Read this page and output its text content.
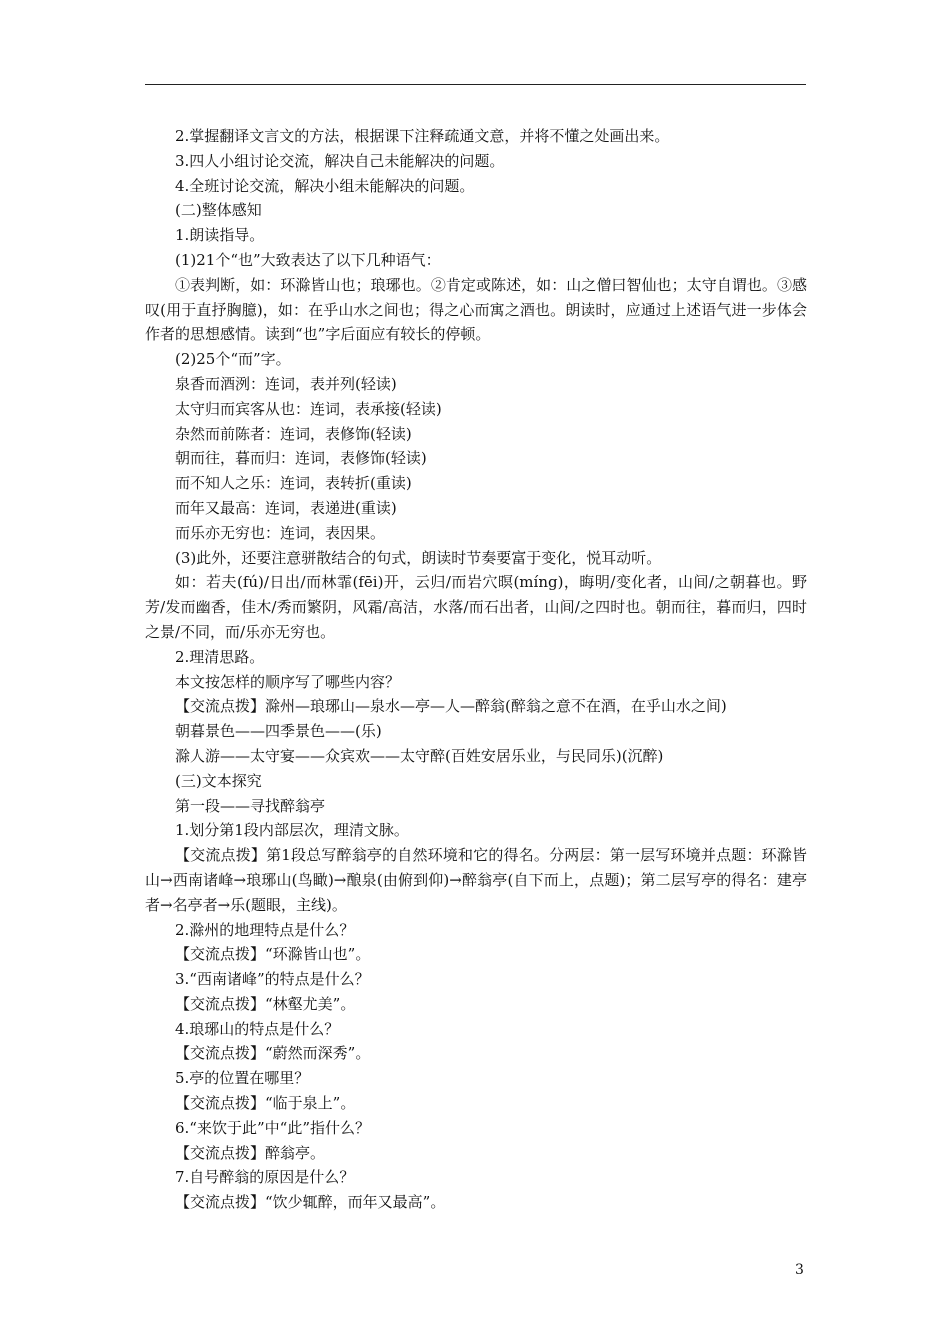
2.掌握翻译文言文的方法，根据课下注释疏通文意，并将不懂之处画出来。

3.四人小组讨论交流，解决自己未能解决的问题。

4.全班讨论交流，解决小组未能解决的问题。

(二)整体感知

1.朗读指导。

(1)21个“也”大致表达了以下几种语气：

①表判断，如：环滁皆山也；琅琊也。②肯定或陈述，如：山之僧曰智仙也；太守自谓也。③感叹(用于直抒胸臆)，如：在乎山水之间也；得之心而寓之酒也。朗读时，应通过上述语气进一步体会作者的思想感情。读到“也”字后面应有较长的停顿。

(2)25个“而”字。

泉香而酒洌：连词，表并列(轻读)

太守归而宾客从也：连词，表承接(轻读)

杂然而前陈者：连词，表修饰(轻读)

朝而往，暮而归：连词，表修饰(轻读)

而不知人之乐：连词，表转折(重读)

而年又最高：连词，表递进(重读)

而乐亦无穷也：连词，表因果。

(3)此外，还要注意骈散结合的句式，朗读时节奏要富于变化，悦耳动听。

如：若夫(fú)/日出/而林霏(fēi)开，云归/而岩穴暝(míng)，晦明/变化者，山间/之朝暮也。野芳/发而幽香，佳木/秀而繁阴，风霜/高洁，水落/而石出者，山间/之四时也。朝而往，暮而归，四时之景/不同，而/乐亦无穷也。

2.理清思路。

本文按怎样的顺序写了哪些内容？

【交流点拨】滁州—琅琊山—泉水—亭—人—醉翁(醉翁之意不在酒，在乎山水之间)

朝暮景色——四季景色——(乐)

滁人游——太守宴——众宾欢——太守醉(百姓安居乐业，与民同乐)(沉醉)

(三)文本探究

第一段——寻找醉翁亭

1.划分第1段内部层次，理清文脉。

【交流点拨】第1段总写醉翁亭的自然环境和它的得名。分两层：第一层写环境并点题：环滁皆山→西南诸峰→琅琊山(鸟瞰)→酿泉(由俯到仰)→醉翁亭(自下而上，点题)；第二层写亭的得名：建亭者→名亭者→乐(题眼，主线)。

2.滁州的地理特点是什么？

【交流点拨】“环滁皆山也”。

3.“西南诸峰”的特点是什么？

【交流点拨】“林壑尤美”。

4.琅琊山的特点是什么？

【交流点拨】“蔚然而深秀”。

5.亭的位置在哪里？

【交流点拨】“临于泉上”。

6.“来饮于此”中“此”指什么？

【交流点拨】醉翁亭。

7.自号醉翁的原因是什么？

【交流点拨】“饮少辄醉，而年又最高”。

3
